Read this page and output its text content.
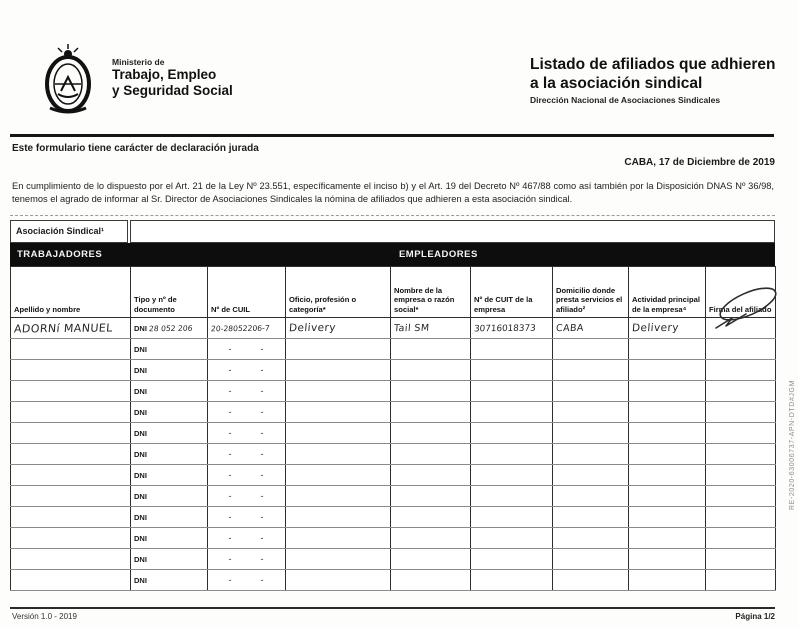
Ministerio de
Trabajo, Empleo
y Seguridad Social
Listado de afiliados que adhieren
a la asociación sindical
Dirección Nacional de Asociaciones Sindicales
Este formulario tiene carácter de declaración jurada
CABA, 17 de Diciembre de 2019
En cumplimiento de lo dispuesto por el Art. 21 de la Ley Nº 23.551, específicamente el inciso b) y el Art. 19 del Decreto Nº 467/88 como así también por la Disposición DNAS Nº 36/98, tenemos el agrado de informar al Sr. Director de Asociaciones Sindicales la nómina de afiliados que adhieren a esta asociación sindical.
Asociación Sindical¹
TRABAJADORES	EMPLEADORES
Apellido y nombre	Tipo y nº de documento	Nº de CUIL	Oficio, profesión o categoría*	Nombre de la empresa o razón social*	Nº de CUIT de la empresa	Domicilio donde presta servicios el afiliado²	Actividad principal de la empresa⁴	Firma del afiliado
ADORNí MANUEL	DNI 28 052 206	20-28052206-7	Delivery	Tail SM	30716018373	CABA	Delivery	
	DNI	-        -						

	DNI	-        -						

	DNI	-        -						

	DNI	-        -						

	DNI	-        -						

	DNI	-        -						

	DNI	-        -						

	DNI	-        -						

	DNI	-        -						

	DNI	-        -						

	DNI	-        -						

	DNI	-        -						

Versión 1.0 - 2019	Página 1/2
RE-2020-63006737-APN-DTD#JGM
